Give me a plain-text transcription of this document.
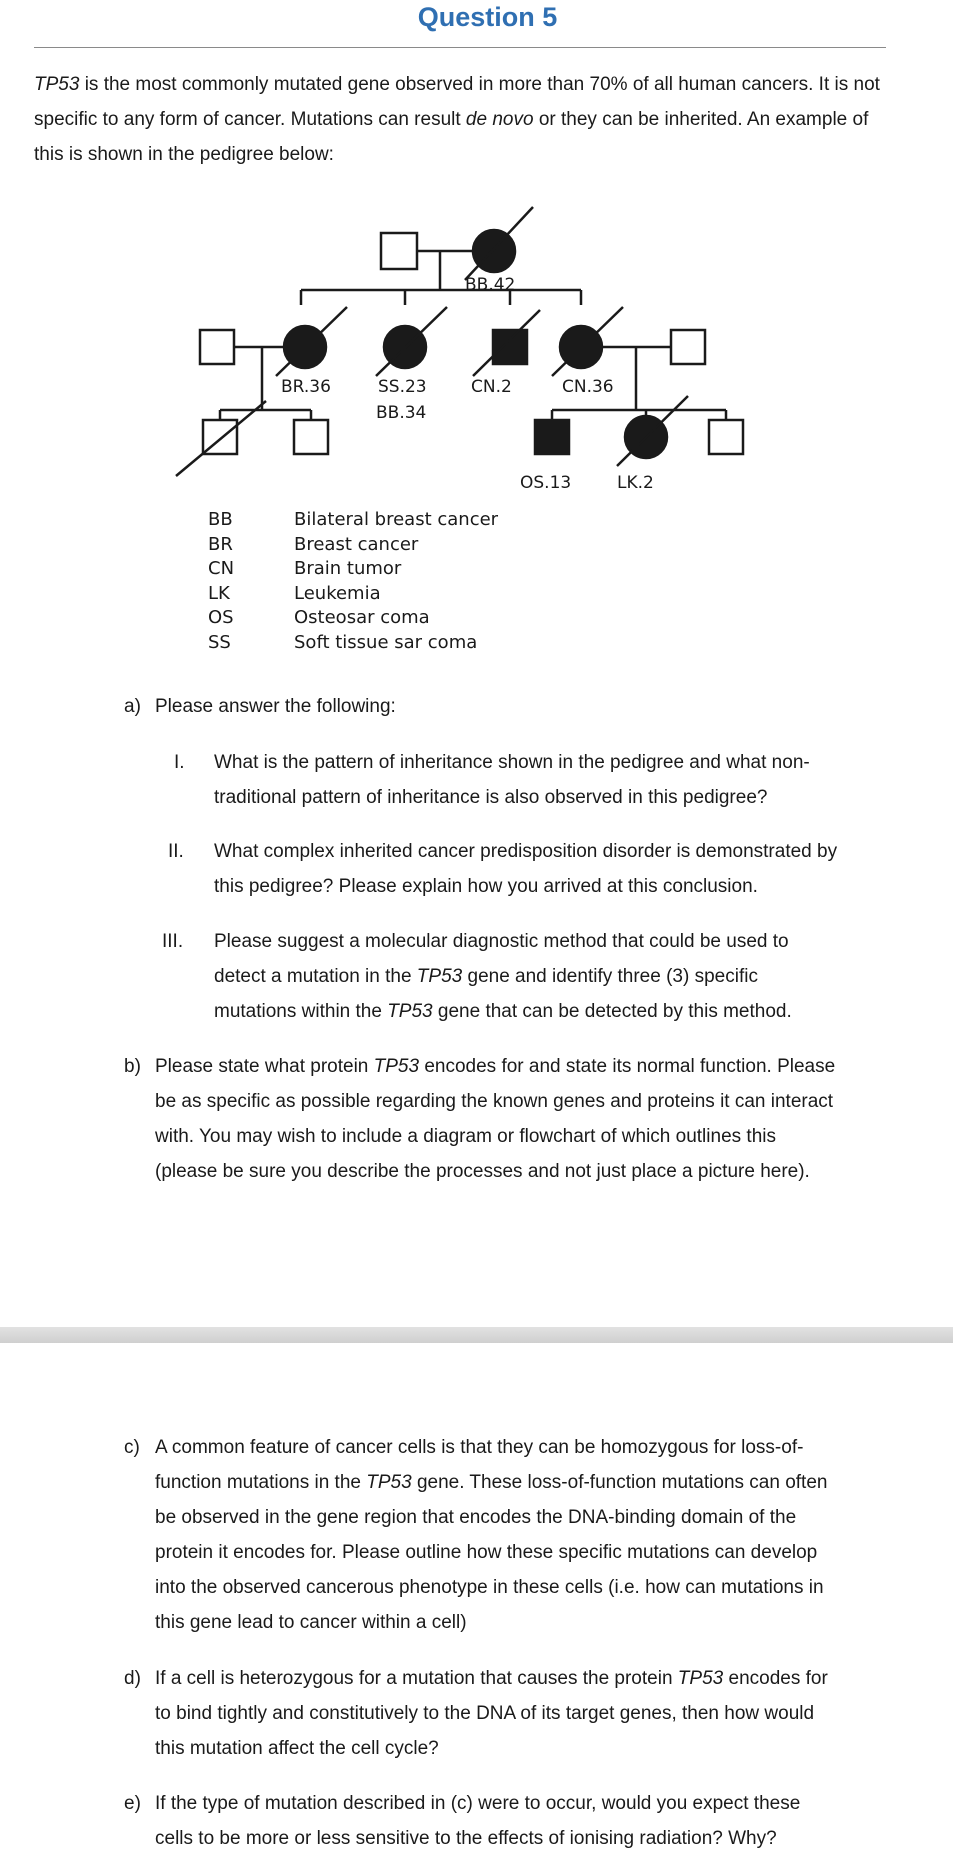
Question 5
TP53 is the most commonly mutated gene observed in more than 70% of all human cancers. It is not specific to any form of cancer. Mutations can result de novo or they can be inherited. An example of this is shown in the pedigree below:
BB.42
BR.36	SS.23
BB.34
CN.2	CN.36
OS.13	LK.2
BB	Bilateral breast cancer
BR	Breast cancer
CN	Brain tumor
LK	Leukemia
OS	Osteosar coma
SS	Soft tissue sar coma
a) Please answer the following:
I. What is the pattern of inheritance shown in the pedigree and what non-
traditional pattern of inheritance is also observed in this pedigree?
II. What complex inherited cancer predisposition disorder is demonstrated by
this pedigree? Please explain how you arrived at this conclusion.
III. Please suggest a molecular diagnostic method that could be used to
detect a mutation in the TP53 gene and identify three (3) specific
mutations within the TP53 gene that can be detected by this method.
b) Please state what protein TP53 encodes for and state its normal function. Please
be as specific as possible regarding the known genes and proteins it can interact
with. You may wish to include a diagram or flowchart of which outlines this
(please be sure you describe the processes and not just place a picture here).
c) A common feature of cancer cells is that they can be homozygous for loss-of-
function mutations in the TP53 gene. These loss-of-function mutations can often
be observed in the gene region that encodes the DNA-binding domain of the
protein it encodes for. Please outline how these specific mutations can develop
into the observed cancerous phenotype in these cells (i.e. how can mutations in
this gene lead to cancer within a cell)
d) If a cell is heterozygous for a mutation that causes the protein TP53 encodes for
to bind tightly and constitutively to the DNA of its target genes, then how would
this mutation affect the cell cycle?
e) If the type of mutation described in (c) were to occur, would you expect these
cells to be more or less sensitive to the effects of ionising radiation? Why?
